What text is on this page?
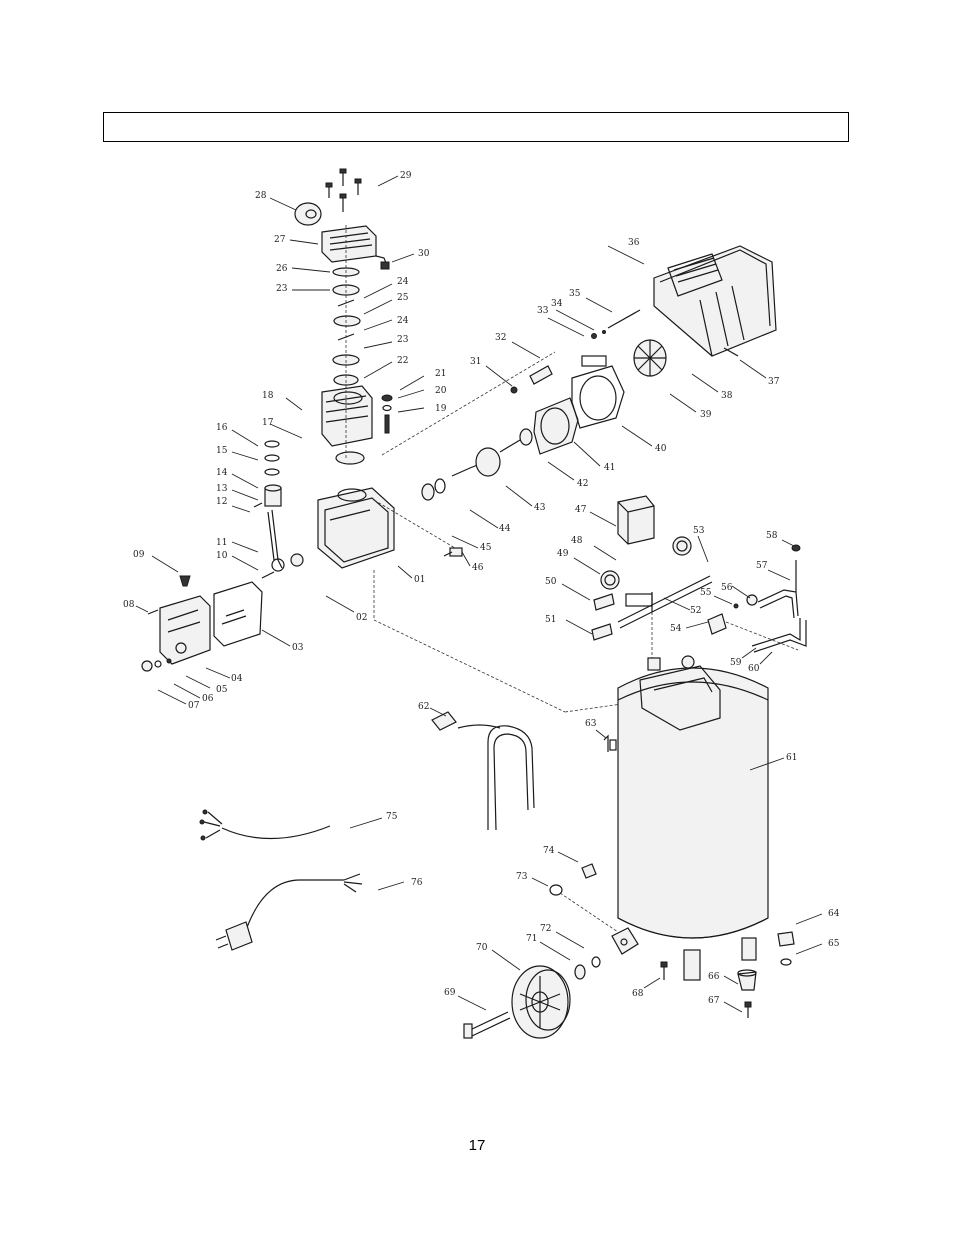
01
02
03
04
05
06
07
08
09	10
11
12
13
14
15
16	17
18
19
20
21
22
23
23
24
24
25
26
27
28
29
30
31
32
33
34
35
36
37
38
39
40
41
42
43
44
45
46
47
48
49
50
51
52
53
54
55 56
57
58
59
60
61
62
63
64
65
66
67
68
69
70
71
72
73
74
75
76
17
